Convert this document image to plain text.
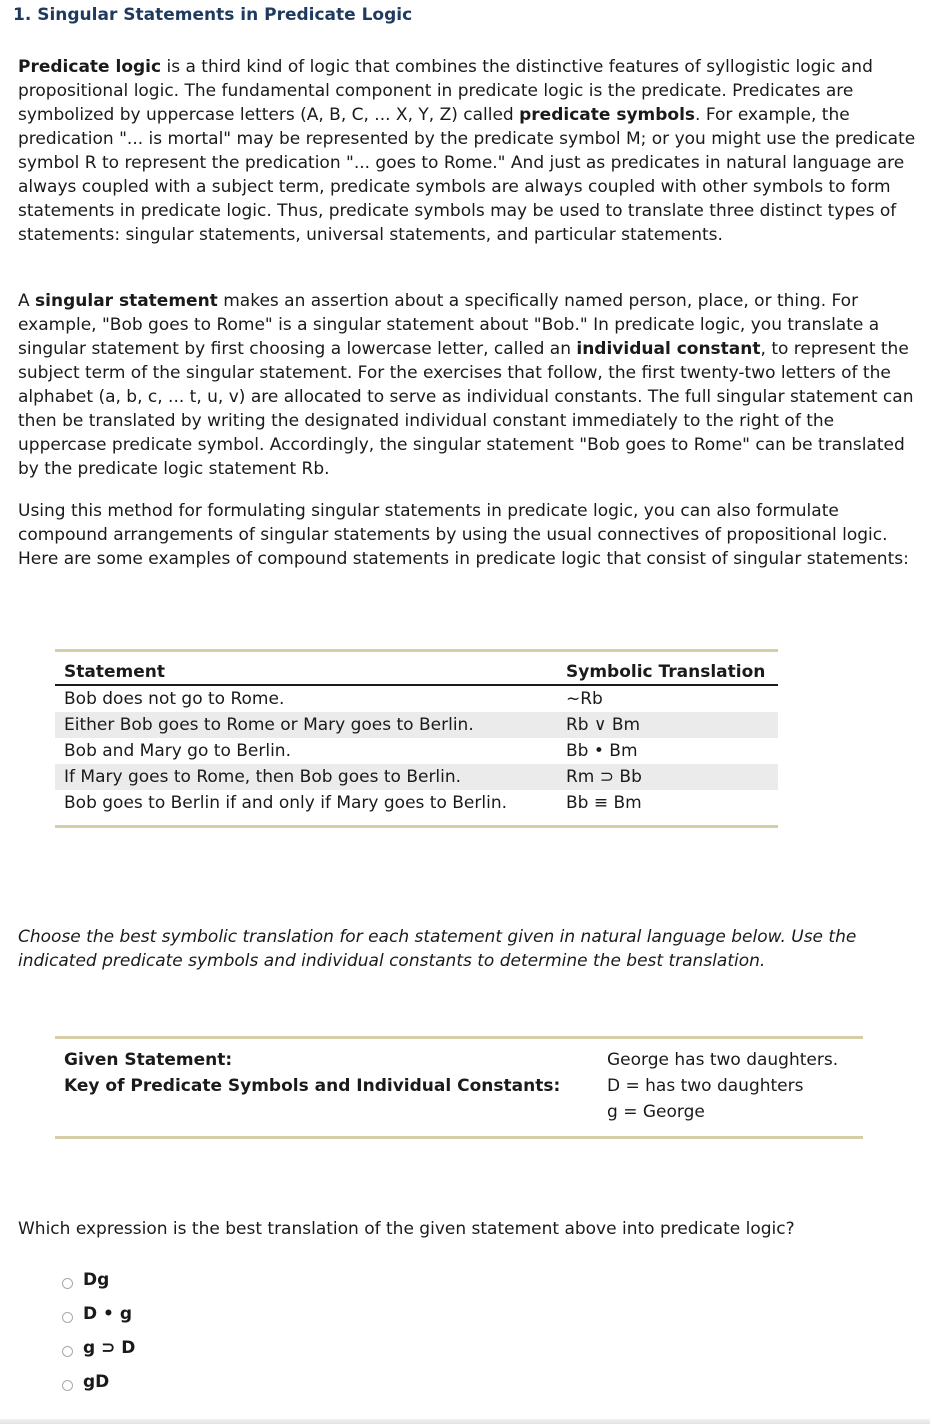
1. Singular Statements in Predicate Logic

Predicate logic is a third kind of logic that combines the distinctive features of syllogistic logic and propositional logic. The fundamental component in predicate logic is the predicate. Predicates are symbolized by uppercase letters (A, B, C, ... X, Y, Z) called predicate symbols. For example, the predication "... is mortal" may be represented by the predicate symbol M; or you might use the predicate symbol R to represent the predication "... goes to Rome." And just as predicates in natural language are always coupled with a subject term, predicate symbols are always coupled with other symbols to form statements in predicate logic. Thus, predicate symbols may be used to translate three distinct types of statements: singular statements, universal statements, and particular statements.

A singular statement makes an assertion about a specifically named person, place, or thing. For example, "Bob goes to Rome" is a singular statement about "Bob." In predicate logic, you translate a singular statement by first choosing a lowercase letter, called an individual constant, to represent the subject term of the singular statement. For the exercises that follow, the first twenty-two letters of the alphabet (a, b, c, ... t, u, v) are allocated to serve as individual constants. The full singular statement can then be translated by writing the designated individual constant immediately to the right of the uppercase predicate symbol. Accordingly, the singular statement "Bob goes to Rome" can be translated by the predicate logic statement Rb.

Using this method for formulating singular statements in predicate logic, you can also formulate compound arrangements of singular statements by using the usual connectives of propositional logic. Here are some examples of compound statements in predicate logic that consist of singular statements:

Statement	Symbolic Translation
Bob does not go to Rome.	~Rb
Either Bob goes to Rome or Mary goes to Berlin.	Rb ∨ Bm
Bob and Mary go to Berlin.	Bb • Bm
If Mary goes to Rome, then Bob goes to Berlin.	Rm ⊃ Bb
Bob goes to Berlin if and only if Mary goes to Berlin.	Bb ≡ Bm

Choose the best symbolic translation for each statement given in natural language below. Use the indicated predicate symbols and individual constants to determine the best translation.

Given Statement:	George has two daughters.
Key of Predicate Symbols and Individual Constants:	D = has two daughters
	g = George

Which expression is the best translation of the given statement above into predicate logic?

Dg
D • g
g ⊃ D
gD
